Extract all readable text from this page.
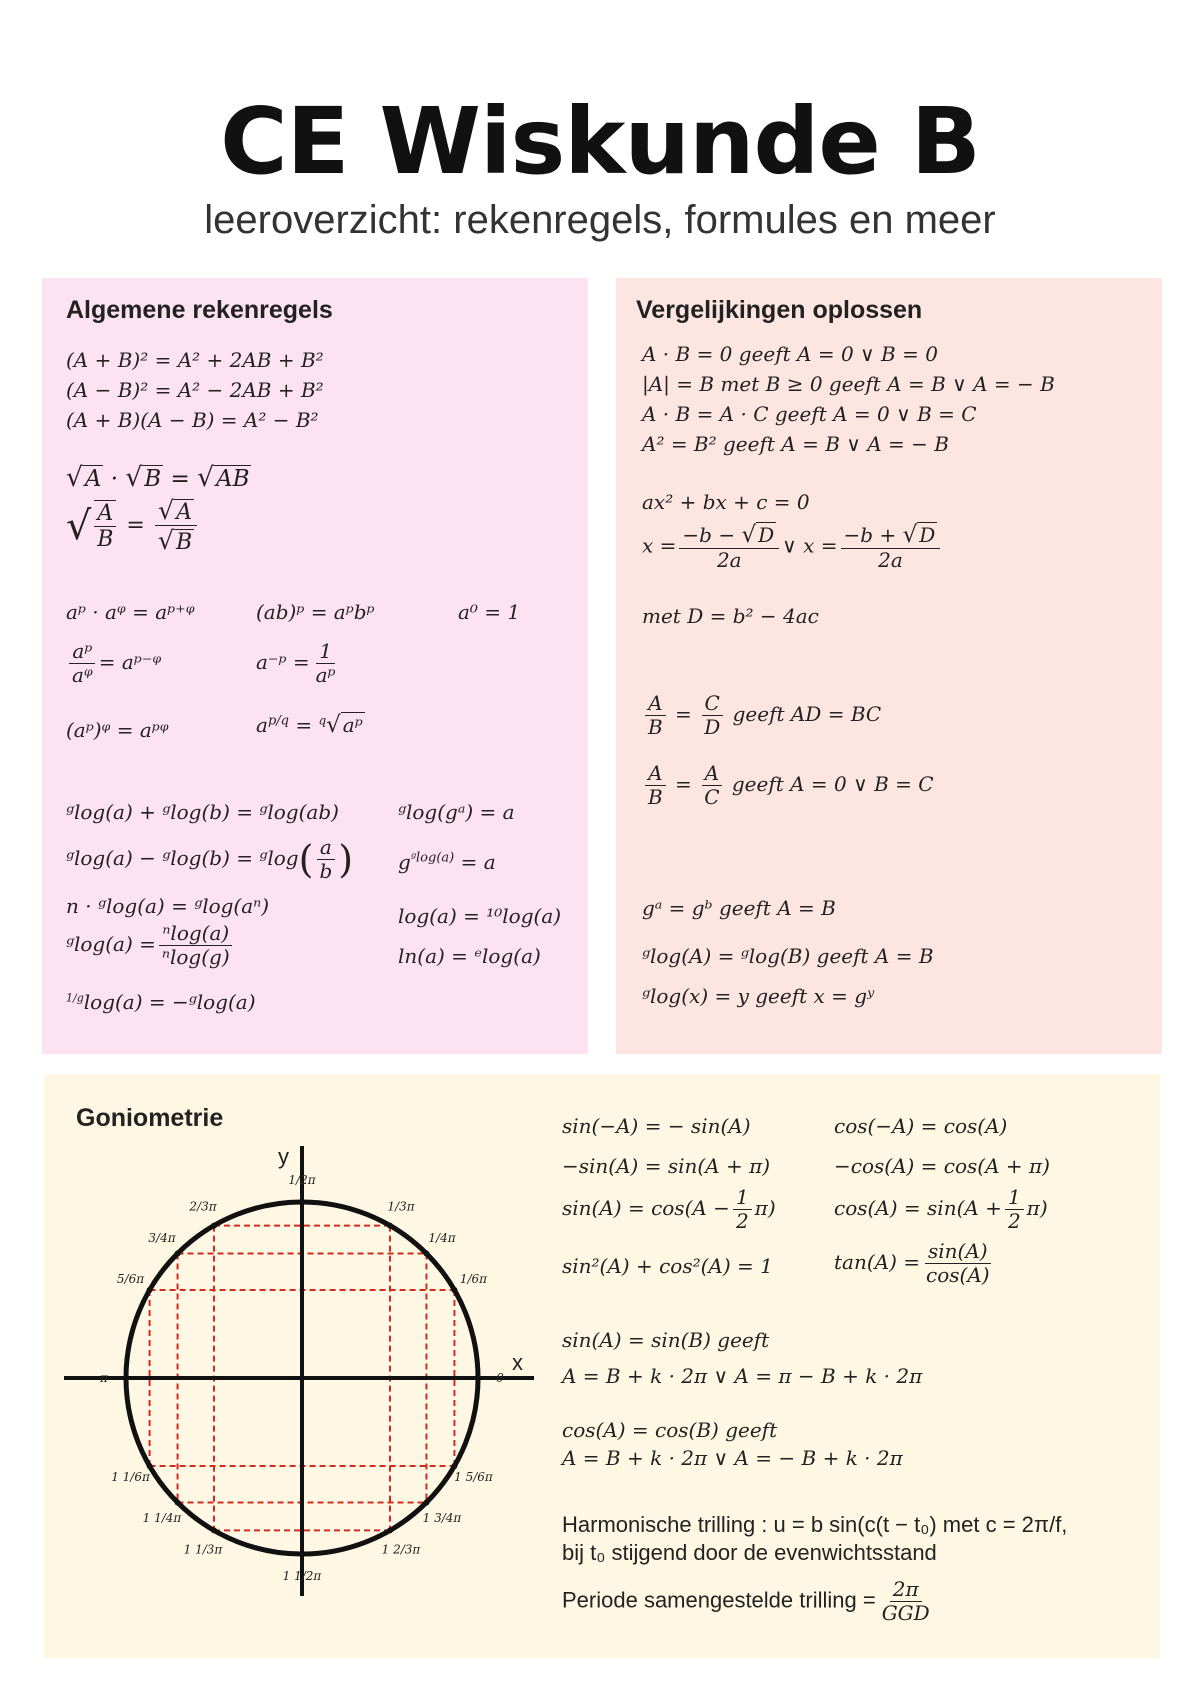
CE Wiskunde B
leeroverzicht: rekenregels, formules en meer
Algemene rekenregels
(A + B)² = A² + 2AB + B²
(A − B)² = A² − 2AB + B²
(A + B)(A − B) = A² − B²
√A · √B = √AB
√ $\frac{A}{B} = \frac{√A}{√B}$
aᵖ · aᵠ = aᵖ⁺ᵠ	(ab)ᵖ = aᵖbᵖ	a⁰ = 1
$\frac{\text{aᵖ}}{\text{aᵠ}}$ = aᵖ⁻ᵠ	a⁻ᵖ = $\frac{1}{\text{aᵖ}}$
(aᵖ)ᵠ = aᵖᵠ	$a^{p/q} = ^q√$ aᵖ
ᵍlog(a) + ᵍlog(b) = ᵍlog(ab)	ᵍlog(gᵃ) = a
ᵍlog(a) − ᵍlog(b) = ᵍlog( $\frac{a}{b}$ ) $g^{ᵍlog(a)} = a$
n · ᵍlog(a) = ᵍlog(aⁿ)	log(a) = ¹⁰log(a)
ᵍlog(a) = $\frac{\text{ⁿlog(a)}}{\text{ⁿlog(g)}}$	ln(a) = ᵉlog(a)
$^{1/g}$log(a) = −ᵍlog(a)
Vergelijkingen oplossen
A · B = 0 geeft A = 0 ∨ B = 0
|A| = B met B ≥ 0 geeft A = B ∨ A = − B
A · B = A · C geeft A = 0 ∨ B = C
A² = B² geeft A = B ∨ A = − B
ax² + bx + c = 0
$x = \frac{-b - √ D}{2a}$ ∨ $x = \frac{-b + √ D}{2a}$
met D = b² − 4ac
$\frac{A}{B} = \frac{C}{D}$ geeft AD = BC
$\frac{A}{B} = \frac{A}{C}$ geeft A = 0 ∨ B = C
gᵃ = gᵇ geeft A = B
ᵍlog(A) = ᵍlog(B) geeft A = B
ᵍlog(x) = y geeft x = gʸ
Goniometrie	sin(−A) = − sin(A)	cos(−A) = cos(A)
−sin(A) = sin(A + π)	−cos(A) = cos(A + π)
$\sin(A) = \cos(A - \frac{1}{2} \pi)$	$\cos(A) = \sin(A + \frac{1}{2} \pi)$
sin²(A) + cos²(A) = 1	$\tan(A) = \frac{\sin(A)}{\cos(A)}$
sin(A) = sin(B) geeft
A = B + k · 2π ∨ A = π − B + k · 2π
cos(A) = cos(B) geeft
A = B + k · 2π ∨ A = − B + k · 2π
Harmonische trilling : u = b sin(c(t − t₀) met c = 2π/f,
bij t₀ stijgend door de evenwichtsstand
Periode samengestelde trilling = $\frac{2\pi}{\text{GGD}}$
x
y
0
1/6π
1/4π
1/3π
1/2π
2/3π
3/4π
5/6π
π
1 1/6π
1 1/4π
1 1/3π
1 1/2π
1 2/3π
1 3/4π
1 5/6π
